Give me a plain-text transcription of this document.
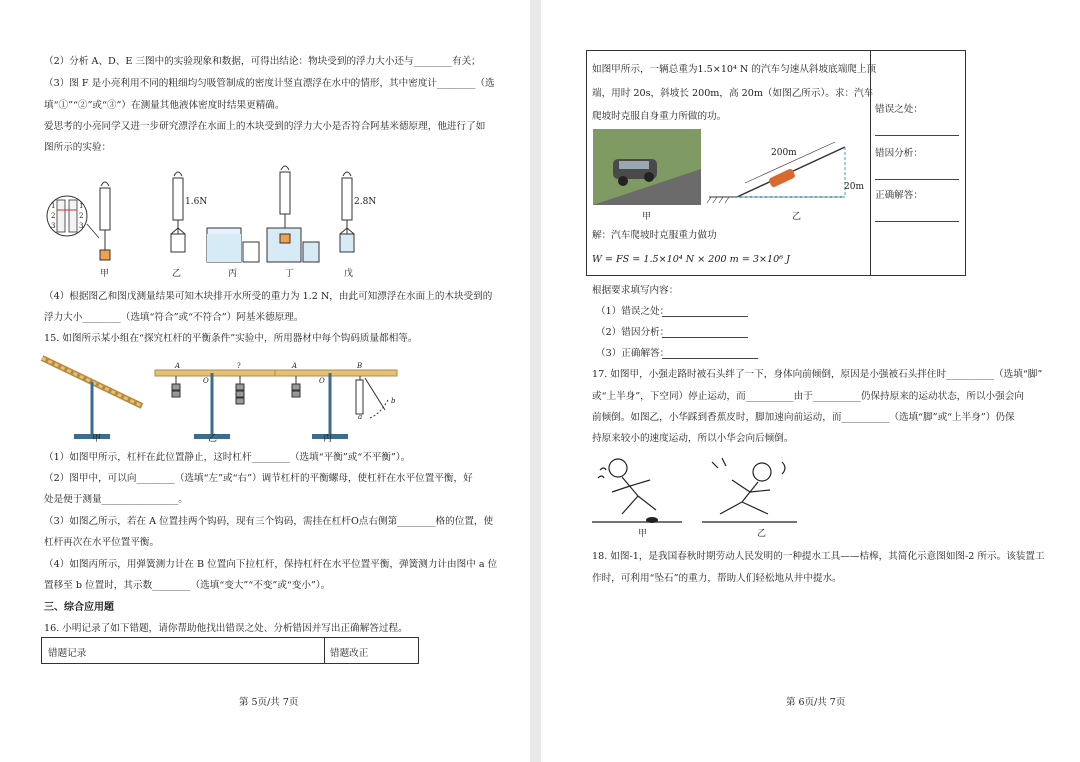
（2）分析 A、D、E 三图中的实验现象和数据，可得出结论：物块受到的浮力大小还与________有关；
（3）图 F 是小亮利用不同的粗细均匀吸管制成的密度计竖直漂浮在水中的情形，其中密度计________（选
填“①”“②”或“③”）在测量其他液体密度时结果更精确。
爱思考的小亮同学又进一步研究漂浮在水面上的木块受到的浮力大小是否符合阿基米德原理，他进行了如
图所示的实验：
1
2
3
1
2
3
1.6N	2.8N
甲	乙	丙	丁	戊
（4）根据图乙和图戊测量结果可知木块排开水所受的重力为 1.2 N，由此可知漂浮在水面上的木块受到的
浮力大小________（选填“符合”或“不符合”）阿基米德原理。
15. 如图所示某小组在“探究杠杆的平衡条件”实验中，所用器材中每个钩码质量都相等。
A
O
?	A
O
B
a
b
甲	乙	丙
（1）如图甲所示，杠杆在此位置静止，这时杠杆________（选填“平衡”或“不平衡”）。
（2）图甲中，可以向________（选填“左”或“右”）调节杠杆的平衡螺母，使杠杆在水平位置平衡，好
处是便于测量________________。
（3）如图乙所示，若在 A 位置挂两个钩码，现有三个钩码，需挂在杠杆O点右侧第________格的位置，使
杠杆再次在水平位置平衡。
（4）如图丙所示，用弹簧测力计在 B 位置向下拉杠杆，保持杠杆在水平位置平衡，弹簧测力计由图中 a 位
置移至 b 位置时，其示数________（选填“变大”“不变”或“变小”）。
三、综合应用题
16. 小明记录了如下错题，请你帮助他找出错误之处、分析错因并写出正确解答过程。
错题记录	错题改正
第 5页/共 7页
如图甲所示，一辆总重为1.5×10⁴ N 的汽车匀速从斜坡底端爬上顶
端，用时 20s，斜坡长 200m，高 20m（如图乙所示）。求：汽车
爬坡时克服自身重力所做的功。
200m
20m
甲	乙
解：汽车爬坡时克服重力做功
W = FS = 1.5×10⁴ N × 200 m = 3×10⁶ J
错误之处：
错因分析：
正确解答：
根据要求填写内容：
（1）错误之处：
（2）错因分析：
（3）正确解答：
17. 如图甲，小强走路时被石头绊了一下，身体向前倾倒，原因是小强被石头拌住时__________（选填“脚”
或“上半身”，下空同）停止运动，而__________由于__________仍保持原来的运动状态，所以小强会向
前倾倒。如图乙，小华踩到香蕉皮时，脚加速向前运动，而__________（选填“脚”或“上半身”）仍保
持原来较小的速度运动，所以小华会向后倾倒。
甲	乙
18. 如图-1，是我国春秋时期劳动人民发明的一种提水工具——桔槔，其简化示意图如图-2 所示。该装置工
作时，可利用“坠石”的重力，帮助人们轻松地从井中提水。
第 6页/共 7页
